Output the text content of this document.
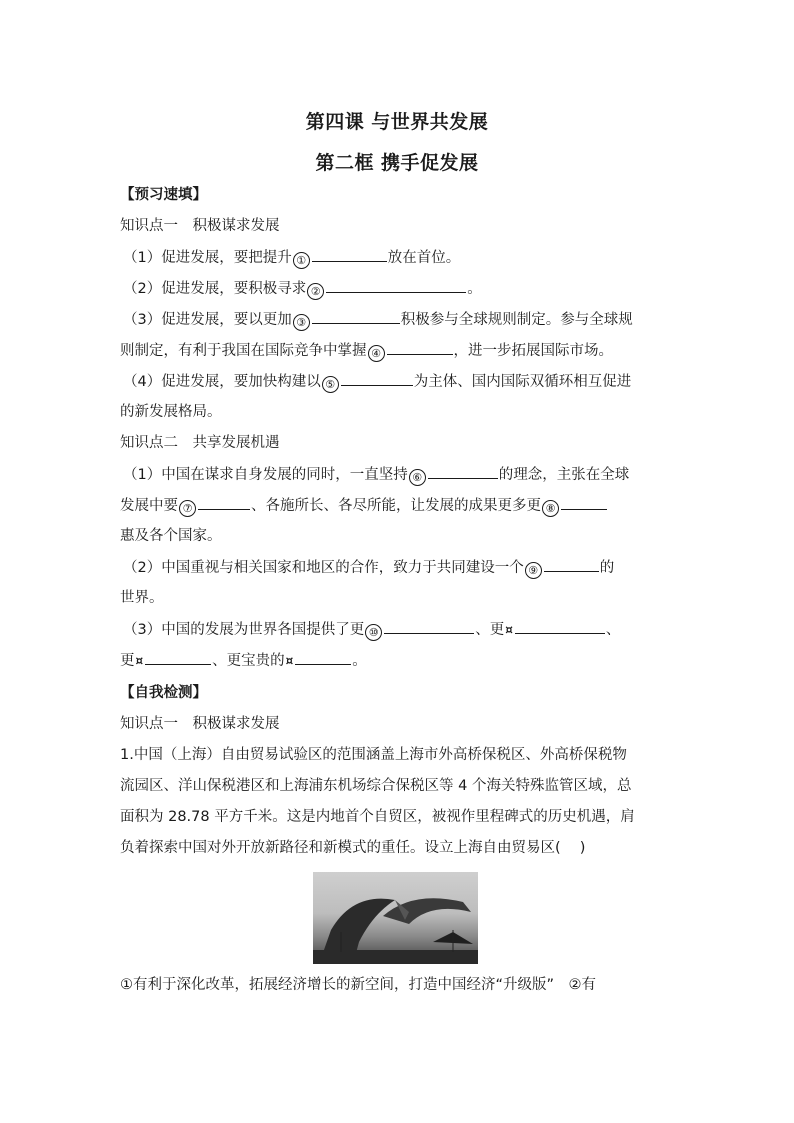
第四课 与世界共发展
第二框 携手促发展
【预习速填】
知识点一　积极谋求发展
（1）促进发展，要把提升 ①	放在首位。
（2）促进发展，要积极寻求 ②	。
（3）促进发展，要以更加 ③	积极参与全球规则制定。参与全球规
则制定，有利于我国在国际竞争中掌握 ④	，进一步拓展国际市场。
（4）促进发展，要加快构建以 ⑤	为主体、国内国际双循环相互促进
的新发展格局。
知识点二　共享发展机遇
（1）中国在谋求自身发展的同时，一直坚持 ⑥	的理念，主张在全球
发展中要 ⑦	、各施所长、各尽所能，让发展的成果更多更 ⑧
惠及各个国家。
（2）中国重视与相关国家和地区的合作，致力于共同建设一个 ⑨	的
世界。
（3）中国的发展为世界各国提供了更 ⑩	、更¤	、
更¤	、更宝贵的¤	。
【自我检测】
知识点一　积极谋求发展
1.中国（上海）自由贸易试验区的范围涵盖上海市外高桥保税区、外高桥保税物
流园区、洋山保税港区和上海浦东机场综合保税区等 4 个海关特殊监管区域，总
面积为 28.78 平方千米。这是内地首个自贸区，被视作里程碑式的历史机遇，肩
负着探索中国对外开放新路径和新模式的重任。设立上海自由贸易区(　 )
①有利于深化改革，拓展经济增长的新空间，打造中国经济“升级版”　②有
